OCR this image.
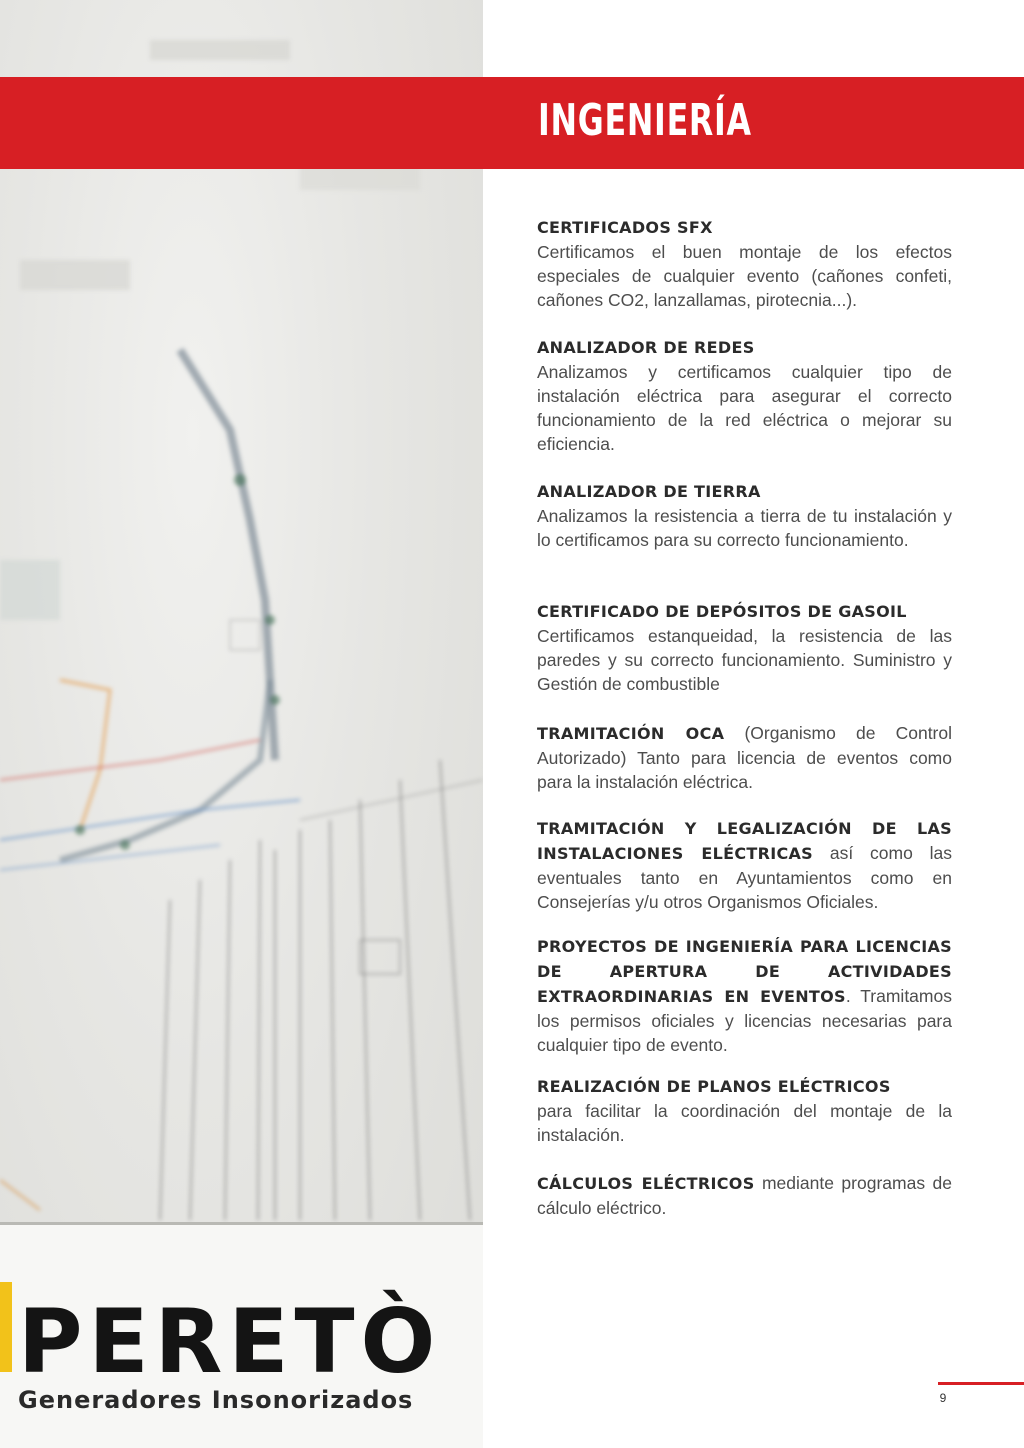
PERETÒ
Generadores Insonorizados
INGENIERÍA
CERTIFICADOS SFX
Certificamos el buen montaje de los efectos especiales de cualquier evento (cañones confeti, cañones CO2, lanzallamas, pirotecnia...).
ANALIZADOR DE REDES
Analizamos y certificamos cualquier tipo de instalación eléctrica para asegurar el correcto funcionamiento de la red eléctrica o mejorar su eficiencia.
ANALIZADOR DE TIERRA
Analizamos la resistencia a tierra de tu instalación y lo certificamos para su correcto funcionamiento.
CERTIFICADO DE DEPÓSITOS DE GASOIL
Certificamos estanqueidad, la resistencia de las paredes y su correcto funcionamiento. Suministro y Gestión de combustible
TRAMITACIÓN OCA (Organismo de Control Autorizado) Tanto para licencia de eventos como para la instalación eléctrica.
TRAMITACIÓN Y LEGALIZACIÓN DE LAS INSTALACIONES ELÉCTRICAS así como las eventuales tanto en Ayuntamientos como en Consejerías y/u otros Organismos Oficiales.
PROYECTOS DE INGENIERÍA PARA LICENCIAS DE APERTURA DE ACTIVIDADES EXTRAORDINARIAS EN EVENTOS. Tramitamos los permisos oficiales y licencias necesarias para cualquier tipo de evento.
REALIZACIÓN DE PLANOS ELÉCTRICOS
para facilitar la coordinación del montaje de la instalación.
CÁLCULOS ELÉCTRICOS mediante programas de cálculo eléctrico.
9
